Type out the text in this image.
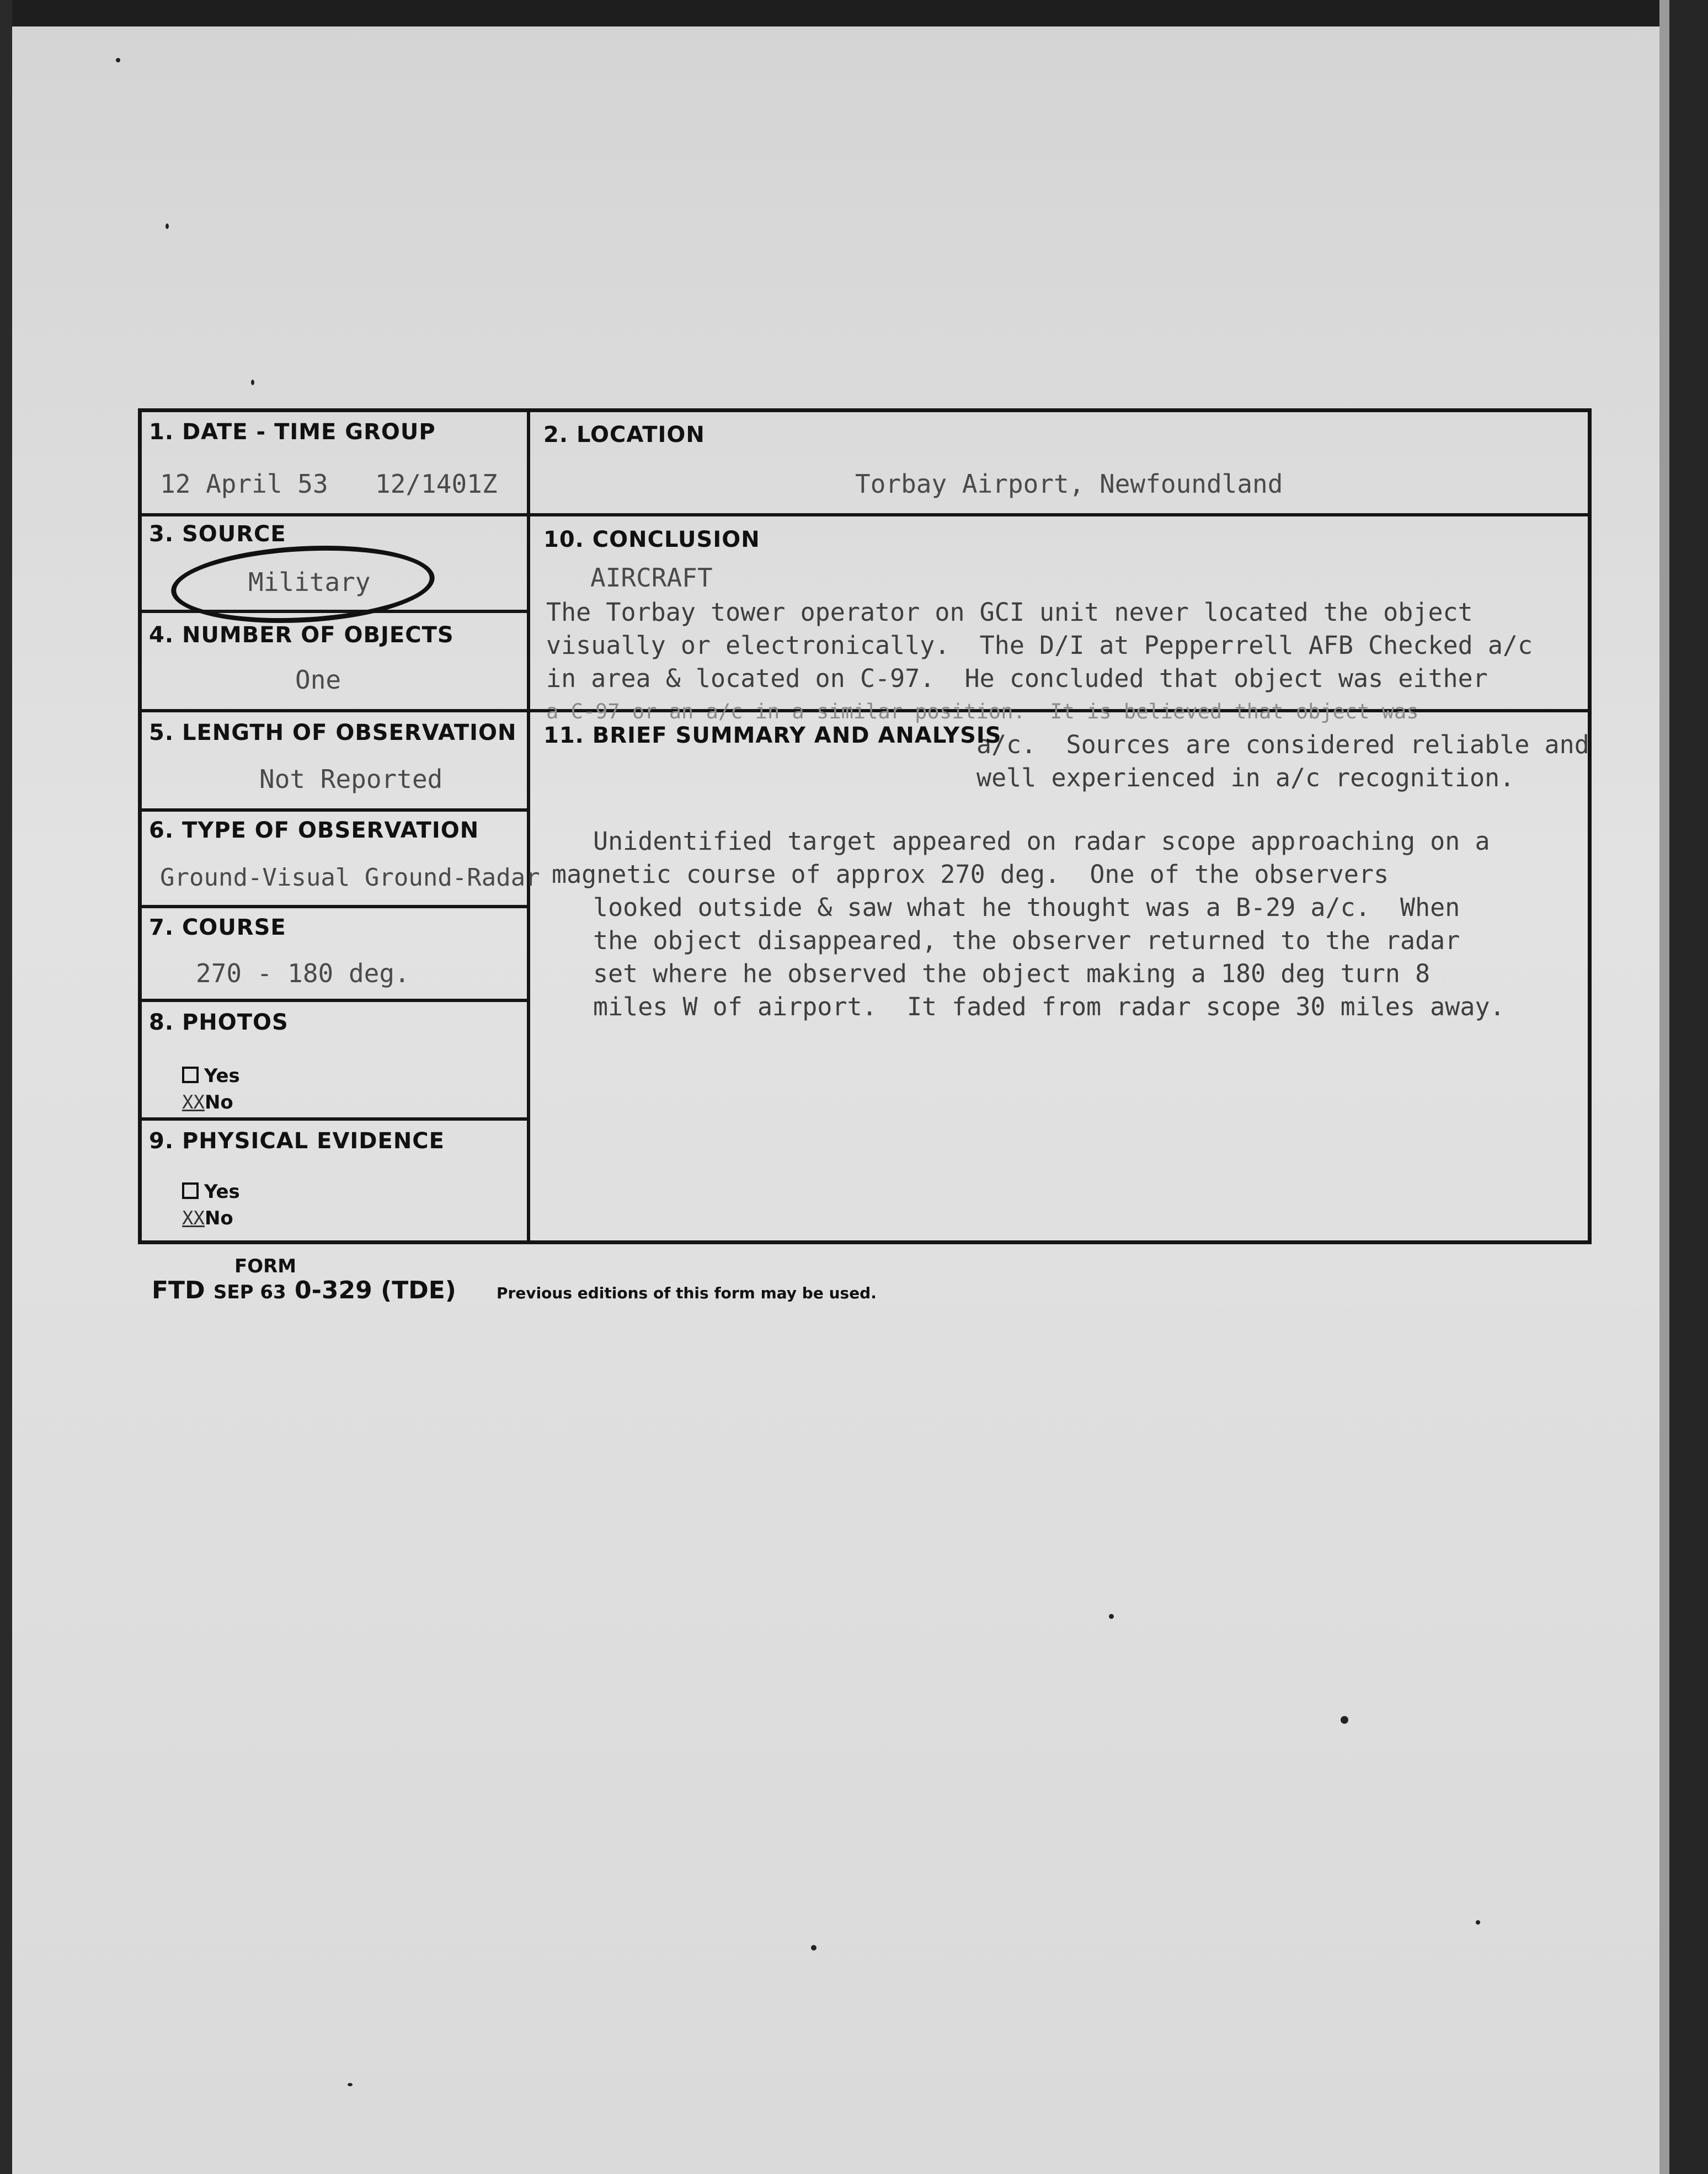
1. DATE - TIME GROUP
12 April 53 12/1401Z
2. LOCATION
Torbay Airport, Newfoundland
3. SOURCE
Military
4. NUMBER OF OBJECTS
One
5. LENGTH OF OBSERVATION
Not Reported
6. TYPE OF OBSERVATION
Ground-Visual Ground-Radar
7. COURSE
270 - 180 deg.
8. PHOTOS
Yes
XXNo
9. PHYSICAL EVIDENCE
Yes
XXNo
10. CONCLUSION
AIRCRAFT
The Torbay tower operator on GCI unit never located the object
visually or electronically.  The D/I at Pepperrell AFB Checked a/c
in area & located on C-97.  He concluded that object was either
a C-97 or an a/c in a similar position.  It is believed that object was
a/c.  Sources are considered reliable and
well experienced in a/c recognition.
11. BRIEF SUMMARY AND ANALYSIS
Unidentified target appeared on radar scope approaching on a
magnetic course of approx 270 deg.  One of the observers
looked outside & saw what he thought was a B-29 a/c.  When
the object disappeared, the observer returned to the radar
set where he observed the object making a 180 deg turn 8
miles W of airport.  It faded from radar scope 30 miles away.
FORM
FTD SEP 63 0-329 (TDE)	Previous editions of this form may be used.
